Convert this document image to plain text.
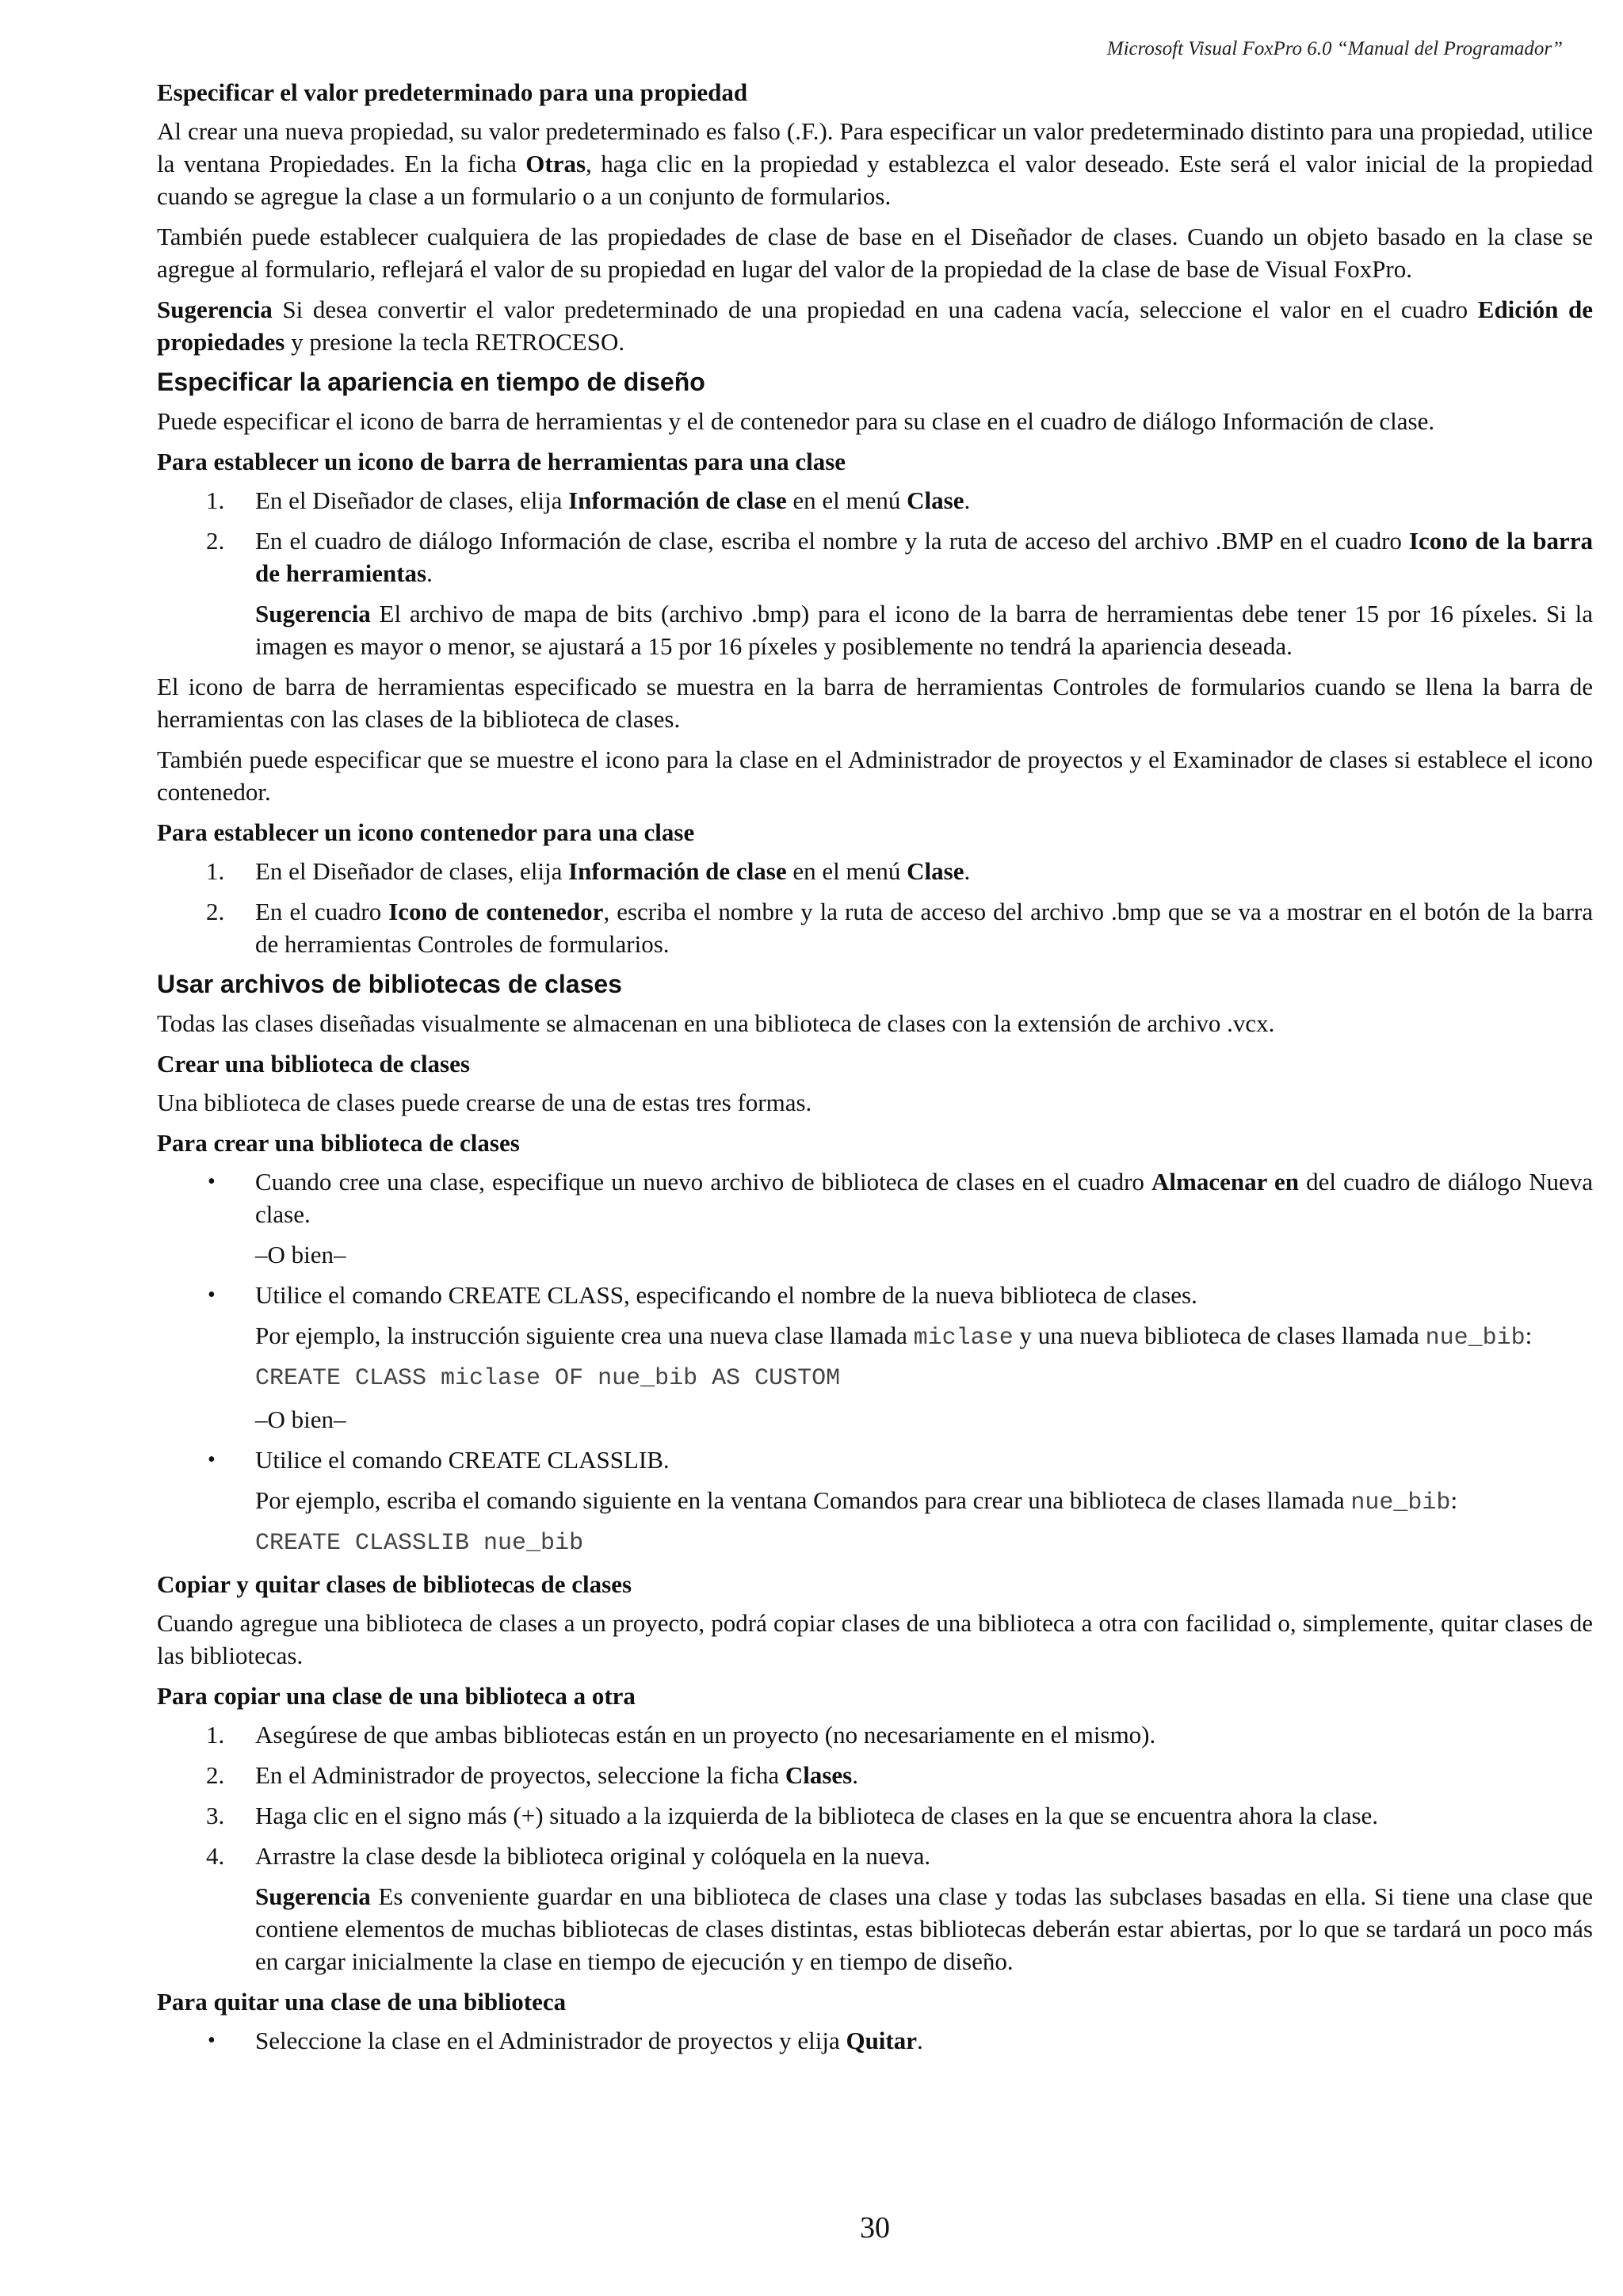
Microsoft Visual FoxPro 6.0 “Manual del Programador”
Especificar el valor predeterminado para una propiedad

Al crear una nueva propiedad, su valor predeterminado es falso (.F.). Para especificar un valor predeterminado distinto para una propiedad, utilice la ventana Propiedades. En la ficha Otras, haga clic en la propiedad y establezca el valor deseado. Este será el valor inicial de la propiedad cuando se agregue la clase a un formulario o a un conjunto de formularios.

También puede establecer cualquiera de las propiedades de clase de base en el Diseñador de clases. Cuando un objeto basado en la clase se agregue al formulario, reflejará el valor de su propiedad en lugar del valor de la propiedad de la clase de base de Visual FoxPro.

Sugerencia Si desea convertir el valor predeterminado de una propiedad en una cadena vacía, seleccione el valor en el cuadro Edición de propiedades y presione la tecla RETROCESO.

Especificar la apariencia en tiempo de diseño

Puede especificar el icono de barra de herramientas y el de contenedor para su clase en el cuadro de diálogo Información de clase.

Para establecer un icono de barra de herramientas para una clase
1. En el Diseñador de clases, elija Información de clase en el menú Clase.
2. En el cuadro de diálogo Información de clase, escriba el nombre y la ruta de acceso del archivo .BMP en el cuadro Icono de la barra de herramientas.
Sugerencia El archivo de mapa de bits (archivo .bmp) para el icono de la barra de herramientas debe tener 15 por 16 píxeles. Si la imagen es mayor o menor, se ajustará a 15 por 16 píxeles y posiblemente no tendrá la apariencia deseada.

El icono de barra de herramientas especificado se muestra en la barra de herramientas Controles de formularios cuando se llena la barra de herramientas con las clases de la biblioteca de clases.

También puede especificar que se muestre el icono para la clase en el Administrador de proyectos y el Examinador de clases si establece el icono contenedor.

Para establecer un icono contenedor para una clase
1. En el Diseñador de clases, elija Información de clase en el menú Clase.
2. En el cuadro Icono de contenedor, escriba el nombre y la ruta de acceso del archivo .bmp que se va a mostrar en el botón de la barra de herramientas Controles de formularios.
Usar archivos de bibliotecas de clases

Todas las clases diseñadas visualmente se almacenan en una biblioteca de clases con la extensión de archivo .vcx.

Crear una biblioteca de clases

Una biblioteca de clases puede crearse de una de estas tres formas.

Para crear una biblioteca de clases
• Cuando cree una clase, especifique un nuevo archivo de biblioteca de clases en el cuadro Almacenar en del cuadro de diálogo Nueva clase.
–O bien–
• Utilice el comando CREATE CLASS, especificando el nombre de la nueva biblioteca de clases.
Por ejemplo, la instrucción siguiente crea una nueva clase llamada miclase y una nueva biblioteca de clases llamada nue_bib:
CREATE CLASS miclase OF nue_bib AS CUSTOM
–O bien–
• Utilice el comando CREATE CLASSLIB.
Por ejemplo, escriba el comando siguiente en la ventana Comandos para crear una biblioteca de clases llamada nue_bib:
CREATE CLASSLIB nue_bib
Copiar y quitar clases de bibliotecas de clases

Cuando agregue una biblioteca de clases a un proyecto, podrá copiar clases de una biblioteca a otra con facilidad o, simplemente, quitar clases de las bibliotecas.

Para copiar una clase de una biblioteca a otra
1. Asegúrese de que ambas bibliotecas están en un proyecto (no necesariamente en el mismo).
2. En el Administrador de proyectos, seleccione la ficha Clases.
3. Haga clic en el signo más (+) situado a la izquierda de la biblioteca de clases en la que se encuentra ahora la clase.
4. Arrastre la clase desde la biblioteca original y colóquela en la nueva.
Sugerencia Es conveniente guardar en una biblioteca de clases una clase y todas las subclases basadas en ella. Si tiene una clase que contiene elementos de muchas bibliotecas de clases distintas, estas bibliotecas deberán estar abiertas, por lo que se tardará un poco más en cargar inicialmente la clase en tiempo de ejecución y en tiempo de diseño.
Para quitar una clase de una biblioteca
• Seleccione la clase en el Administrador de proyectos y elija Quitar.
30
